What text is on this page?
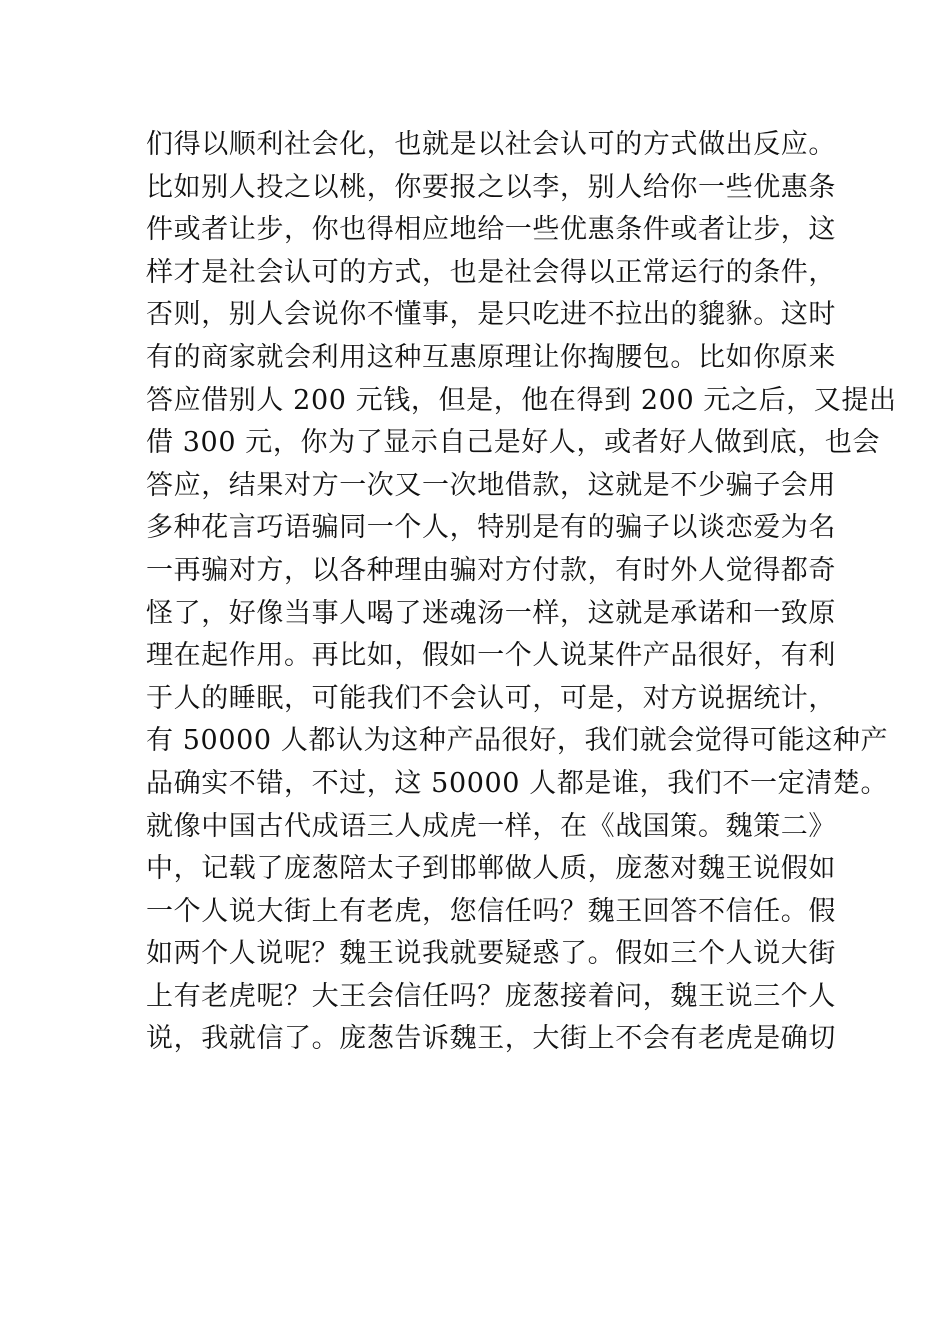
们得以顺利社会化，也就是以社会认可的方式做出反应。
比如别人投之以桃，你要报之以李，别人给你一些优惠条
件或者让步，你也得相应地给一些优惠条件或者让步，这
样才是社会认可的方式，也是社会得以正常运行的条件，
否则，别人会说你不懂事，是只吃进不拉出的貔貅。这时
有的商家就会利用这种互惠原理让你掏腰包。比如你原来
答应借别人 200 元钱，但是，他在得到 200 元之后，又提出
借 300 元，你为了显示自己是好人，或者好人做到底，也会
答应，结果对方一次又一次地借款，这就是不少骗子会用
多种花言巧语骗同一个人，特别是有的骗子以谈恋爱为名
一再骗对方，以各种理由骗对方付款，有时外人觉得都奇
怪了，好像当事人喝了迷魂汤一样，这就是承诺和一致原
理在起作用。再比如，假如一个人说某件产品很好，有利
于人的睡眠，可能我们不会认可，可是，对方说据统计，
有 50000 人都认为这种产品很好，我们就会觉得可能这种产
品确实不错，不过，这 50000 人都是谁，我们不一定清楚。
就像中国古代成语三人成虎一样，在《战国策。魏策二》
中，记载了庞葱陪太子到邯郸做人质，庞葱对魏王说假如
一个人说大街上有老虎，您信任吗？魏王回答不信任。假
如两个人说呢？魏王说我就要疑惑了。假如三个人说大街
上有老虎呢？大王会信任吗？庞葱接着问，魏王说三个人
说，我就信了。庞葱告诉魏王，大街上不会有老虎是确切
